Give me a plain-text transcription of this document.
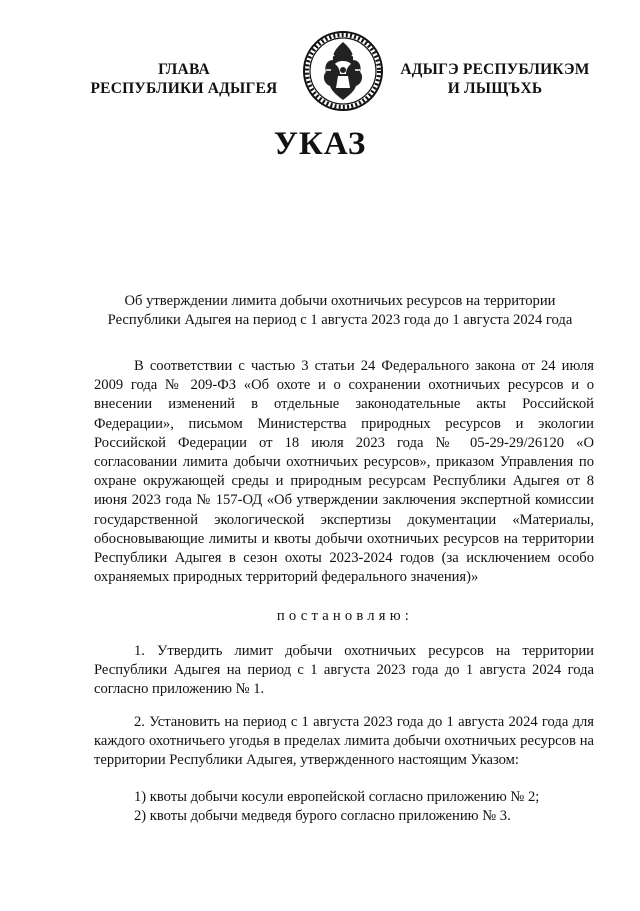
ГЛАВА
РЕСПУБЛИКИ АДЫГЕЯ
АДЫГЭ РЕСПУБЛИКЭМ
И ЛЫЩЪХЬ
УКАЗ
Об утверждении лимита добычи охотничьих ресурсов на территории
Республики Адыгея на период с 1 августа 2023 года до 1 августа 2024 года
В соответствии с частью 3 статьи 24 Федерального закона от 24 июля 2009 года № 209-ФЗ «Об охоте и о сохранении охотничьих ресурсов и о внесении изменений в отдельные законодательные акты Российской Федерации», письмом Министерства природных ресурсов и экологии Российской Федерации от 18 июля 2023 года № 05-29-29/26120 «О согласовании лимита добычи охотничьих ресурсов», приказом Управления по охране окружающей среды и природным ресурсам Республики Адыгея от 8 июня 2023 года № 157-ОД «Об утверждении заключения экспертной комиссии государственной экологической экспертизы документации «Материалы, обосновывающие лимиты и квоты добычи охотничьих ресурсов на территории Республики Адыгея в сезон охоты 2023-2024 годов (за исключением особо охраняемых природных территорий федерального значения)»
постановляю:
1. Утвердить лимит добычи охотничьих ресурсов на территории Республики Адыгея на период с 1 августа 2023 года до 1 августа 2024 года согласно приложению № 1.
2. Установить на период с 1 августа 2023 года до 1 августа 2024 года для каждого охотничьего угодья в пределах лимита добычи охотничьих ресурсов на территории Республики Адыгея, утвержденного настоящим Указом:
1) квоты добычи косули европейской согласно приложению № 2;
2) квоты добычи медведя бурого согласно приложению № 3.
